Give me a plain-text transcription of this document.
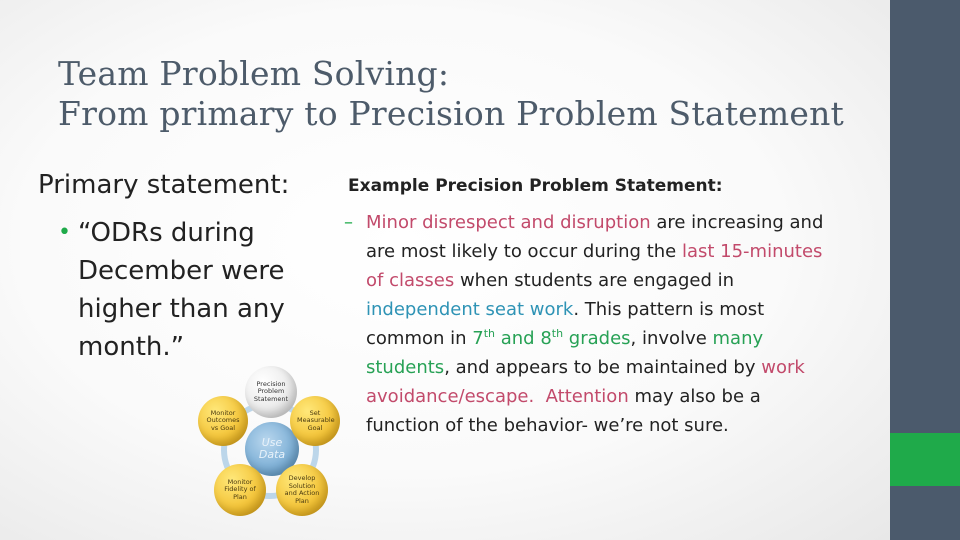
Team Problem Solving:
From primary to Precision Problem Statement
Primary statement:
• “ODRs during December were higher than any month.”
Use Data
Precision Problem Statement
Set Measurable Goal
Develop Solution and Action Plan
Monitor Fidelity of Plan
Monitor Outcomes vs Goal
Example Precision Problem Statement:
– Minor disrespect and disruption are increasing and are most likely to occur during the last 15-minutes of classes when students are engaged in independent seat work. This pattern is most common in 7th and 8th grades, involve many students, and appears to be maintained by work avoidance/escape. Attention may also be a function of the behavior- we’re not sure.
